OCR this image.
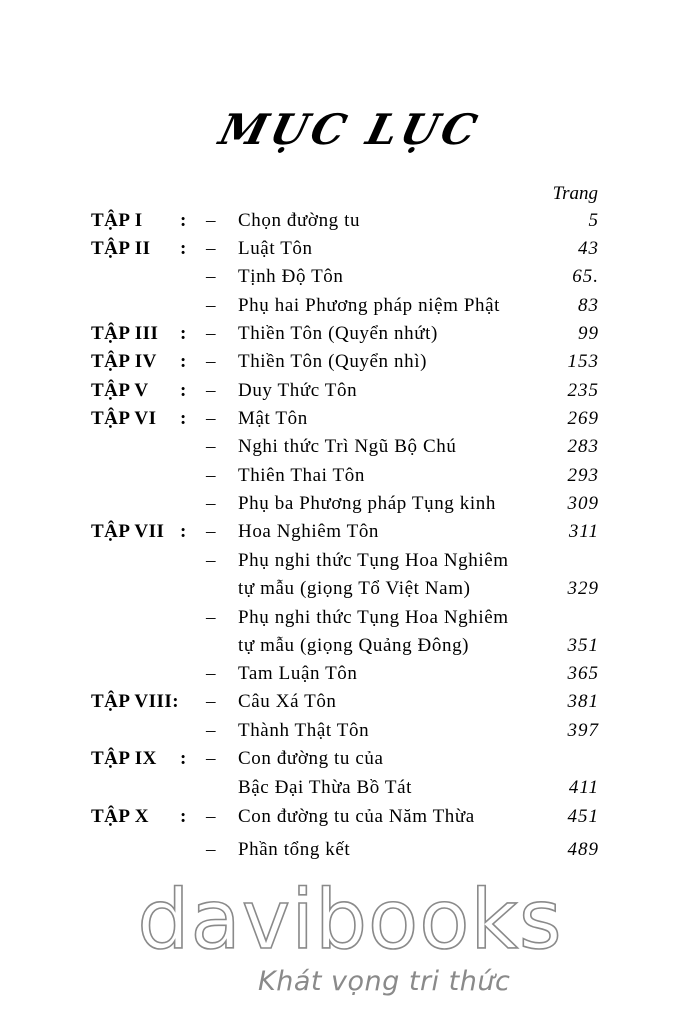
MỤC LỤC
Trang
TẬP I : – Chọn đường tu	5
TẬP II : – Luật Tôn	43
– Tịnh Độ Tôn	65.
– Phụ hai Phương pháp niệm Phật	83
TẬP III : – Thiền Tôn (Quyển nhứt)	99
TẬP IV : – Thiền Tôn (Quyển nhì)	153
TẬP V : – Duy Thức Tôn	235
TẬP VI : – Mật Tôn	269
– Nghi thức Trì Ngũ Bộ Chú	283
– Thiên Thai Tôn	293
– Phụ ba Phương pháp Tụng kinh	309
TẬP VII : – Hoa Nghiêm Tôn	311
– Phụ nghi thức Tụng Hoa Nghiêm
tự mẫu (giọng Tổ Việt Nam)	329
– Phụ nghi thức Tụng Hoa Nghiêm
tự mẫu (giọng Quảng Đông)	351
– Tam Luận Tôn	365
TẬP VIII: – Câu Xá Tôn	381
– Thành Thật Tôn	397
TẬP IX : – Con đường tu của
Bậc Đại Thừa Bồ Tát	411
TẬP X : – Con đường tu của Năm Thừa	451
– Phần tổng kết	489
davibooks
Khát vọng tri thức
